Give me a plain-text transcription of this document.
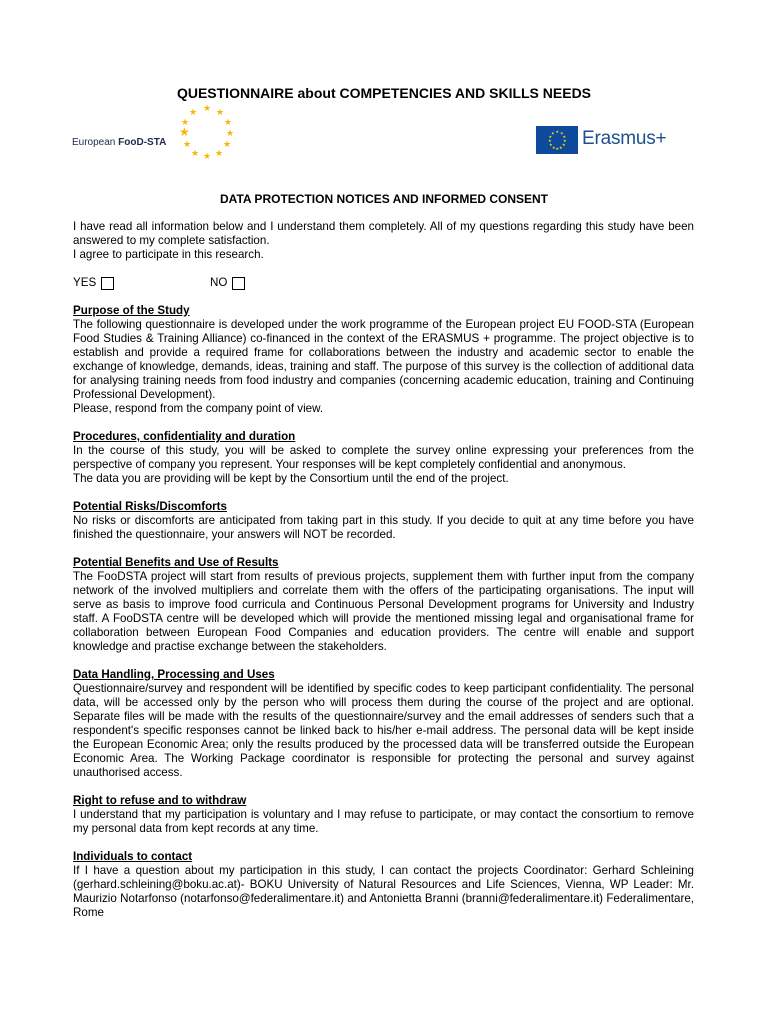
QUESTIONNAIRE about COMPETENCIES AND SKILLS NEEDS
European FooD-STA
★ ★
★
★
★
★
★
★
★
★
★
★
★ ★
★
★
★
★
★
★
★
★
★
★ Erasmus+
DATA PROTECTION NOTICES AND INFORMED CONSENT
I have read all information below and I understand them completely. All of my questions regarding this study have been answered to my complete satisfaction.
I agree to participate in this research.
YES	NO
Purpose of the Study
The following questionnaire is developed under the work programme of the European project EU FOOD-STA (European Food Studies & Training Alliance) co-financed in the context of the ERASMUS + programme. The project objective is to establish and provide a required frame for collaborations between the industry and academic sector to enable the exchange of knowledge, demands, ideas, training and staff. The purpose of this survey is the collection of additional data for analysing training needs from food industry and companies (concerning academic education, training and Continuing Professional Development).
Please, respond from the company point of view.
Procedures, confidentiality and duration
In the course of this study, you will be asked to complete the survey online expressing your preferences from the perspective of company you represent. Your responses will be kept completely confidential and anonymous.
The data you are providing will be kept by the Consortium until the end of the project.
Potential Risks/Discomforts
No risks or discomforts are anticipated from taking part in this study. If you decide to quit at any time before you have finished the questionnaire, your answers will NOT be recorded.
Potential Benefits and Use of Results
The FooDSTA project will start from results of previous projects, supplement them with further input from the company network of the involved multipliers and correlate them with the offers of the participating organisations. The input will serve as basis to improve food curricula and Continuous Personal Development programs for University and Industry staff. A FooDSTA centre will be developed which will provide the mentioned missing legal and organisational frame for collaboration between European Food Companies and education providers. The centre will enable and support knowledge and practise exchange between the stakeholders.
Data Handling, Processing and Uses
Questionnaire/survey and respondent will be identified by specific codes to keep participant confidentiality. The personal data, will be accessed only by the person who will process them during the course of the project and are optional. Separate files will be made with the results of the questionnaire/survey and the email addresses of senders such that a respondent's specific responses cannot be linked back to his/her e-mail address. The personal data will be kept inside the European Economic Area; only the results produced by the processed data will be transferred outside the European Economic Area. The Working Package coordinator is responsible for protecting the personal and survey against unauthorised access.
Right to refuse and to withdraw
I understand that my participation is voluntary and I may refuse to participate, or may contact the consortium to remove my personal data from kept records at any time.
Individuals to contact
If I have a question about my participation in this study, I can contact the projects Coordinator: Gerhard Schleining (gerhard.schleining@boku.ac.at)- BOKU University of Natural Resources and Life Sciences, Vienna, WP Leader: Mr. Maurizio Notarfonso (notarfonso@federalimentare.it) and Antonietta Branni (branni@federalimentare.it) Federalimentare, Rome
